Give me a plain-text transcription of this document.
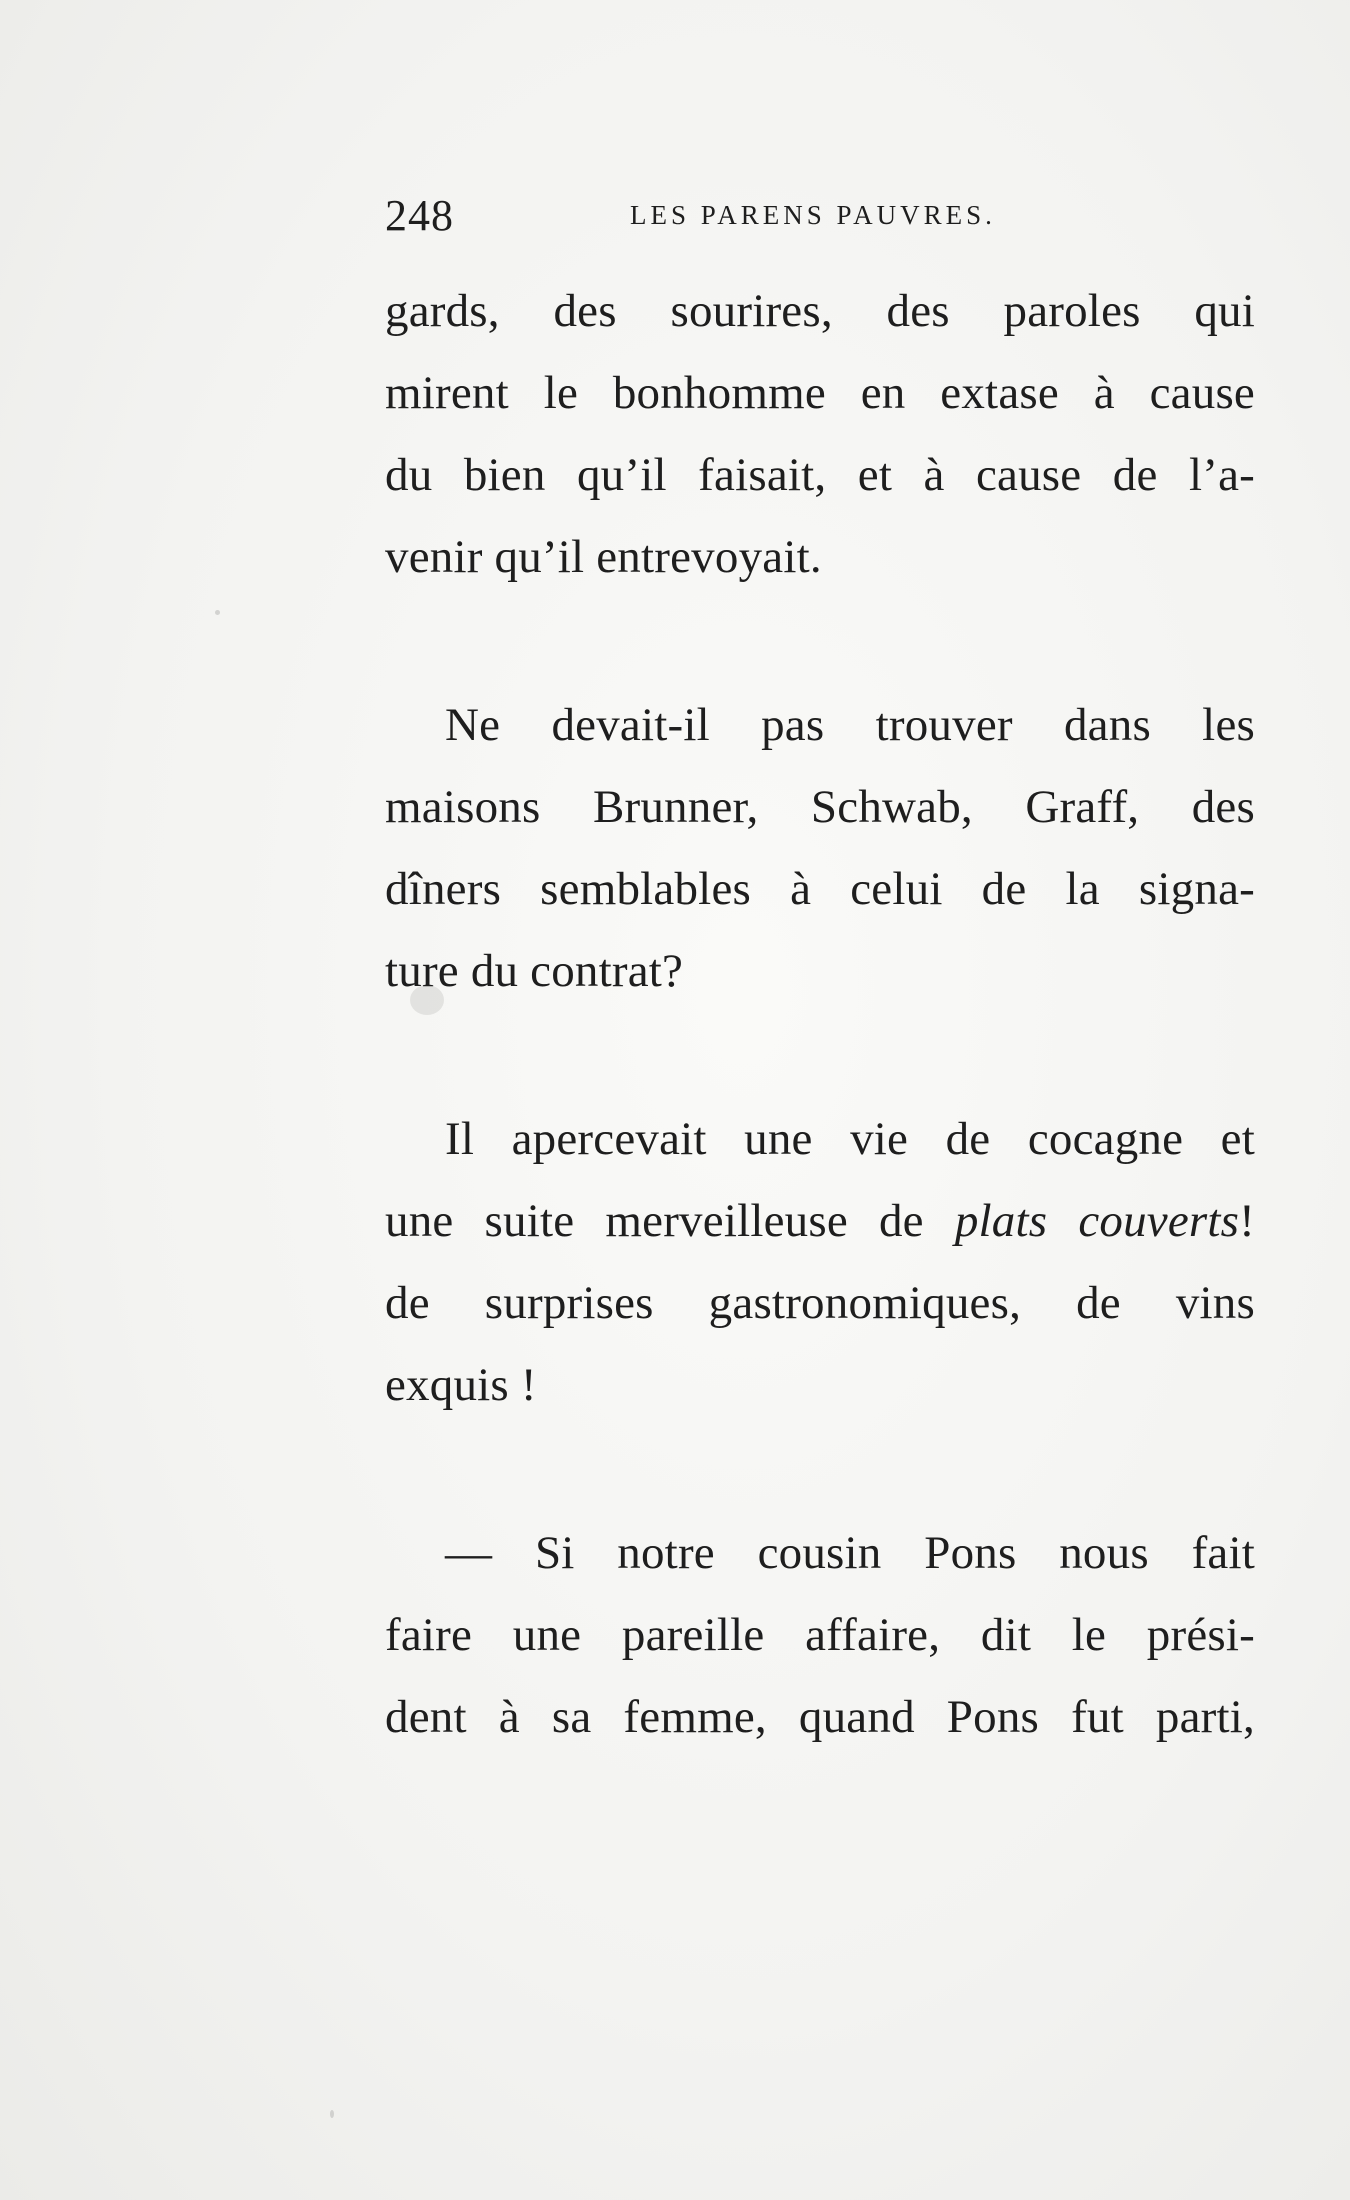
248	LES PARENS PAUVRES.
gards, des sourires, des paroles qui
mirent le bonhomme en extase à cause
du bien qu’il faisait, et à cause de l’a-
venir qu’il entrevoyait.
Ne devait-il pas trouver dans les
maisons Brunner, Schwab, Graff, des
dîners semblables à celui de la signa-
ture du contrat?
Il apercevait une vie de cocagne et
une suite merveilleuse de plats couverts!
de surprises gastronomiques, de vins
exquis !
— Si notre cousin Pons nous fait
faire une pareille affaire, dit le prési-
dent à sa femme, quand Pons fut parti,
